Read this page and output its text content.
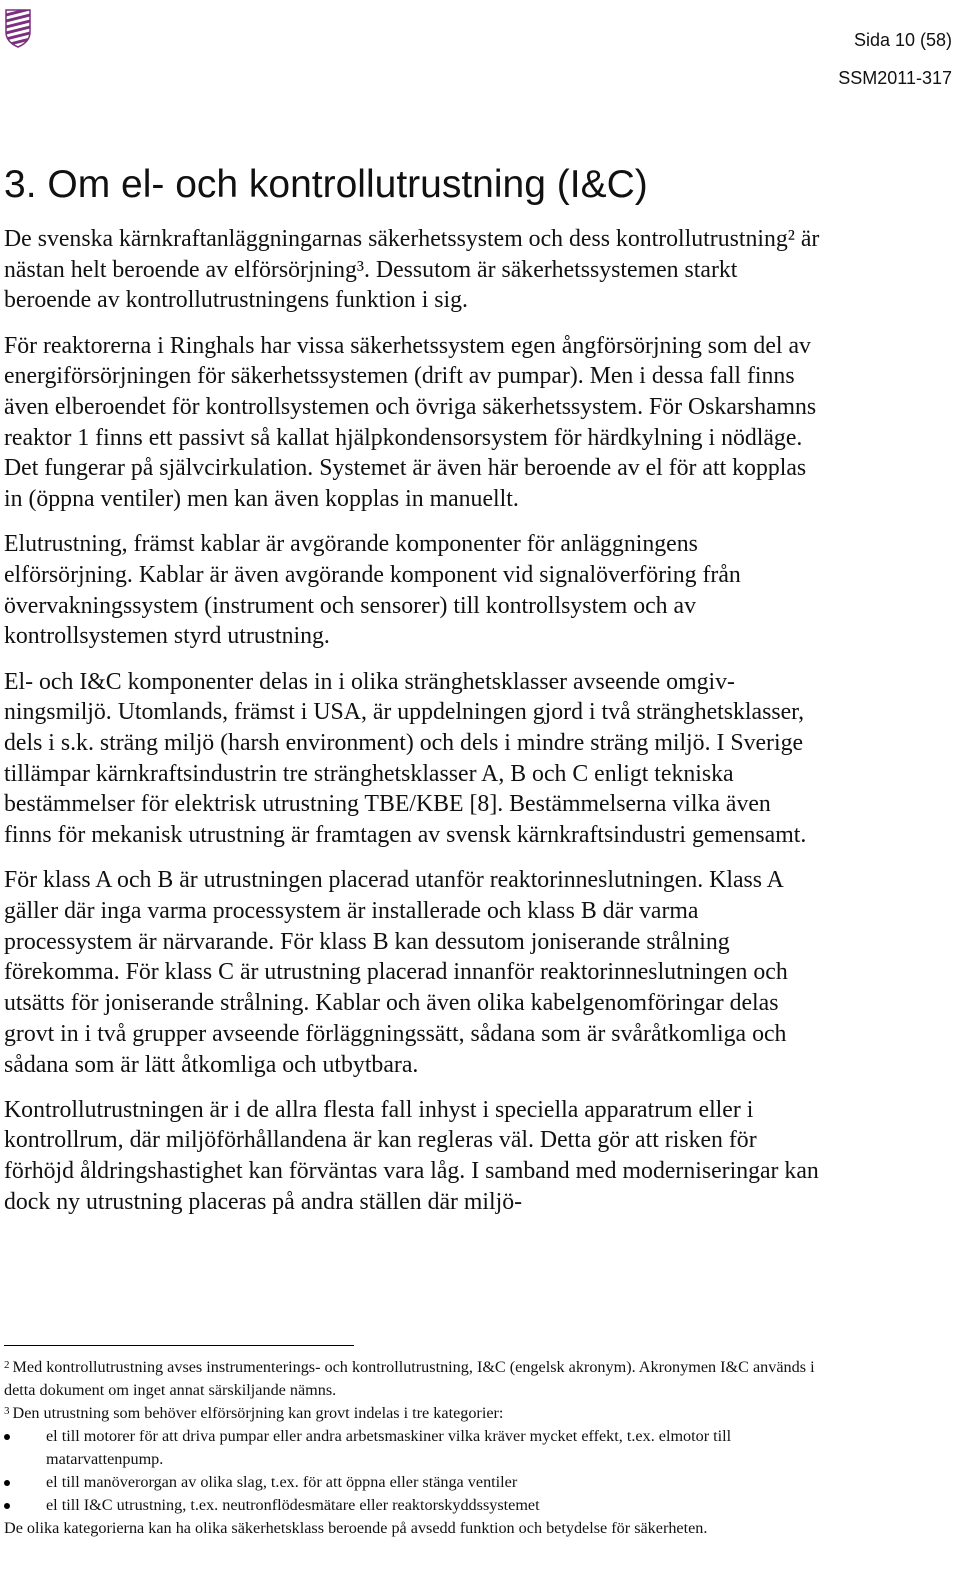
Sida 10 (58)
SSM2011-317
3. Om el- och kontrollutrustning (I&C)

De svenska kärnkraftanläggningarnas säkerhetssystem och dess kontrollutrustning² är nästan helt beroende av elförsörjning³. Dessutom är säkerhetssystemen starkt beroende av kontrollutrustningens funktion i sig.

För reaktorerna i Ringhals har vissa säkerhetssystem egen ångförsörjning som del av energiförsörjningen för säkerhetssystemen (drift av pumpar). Men i dessa fall finns även elberoendet för kontrollsystemen och övriga säkerhetssystem. För Oskarshamns reaktor 1 finns ett passivt så kallat hjälpkondensorsystem för härdkylning i nödläge. Det fungerar på självcirkulation. Systemet är även här beroende av el för att kopplas in (öppna ventiler) men kan även kopplas in manuellt.

Elutrustning, främst kablar är avgörande komponenter för anläggningens elförsörjning. Kablar är även avgörande komponent vid signalöverföring från övervakningssystem (instrument och sensorer) till kontrollsystem och av kontrollsystemen styrd utrustning.

El- och I&C komponenter delas in i olika stränghetsklasser avseende omgivningsmiljö. Utomlands, främst i USA, är uppdelningen gjord i två stränghetsklasser, dels i s.k. sträng miljö (harsh environment) och dels i mindre sträng miljö. I Sverige tillämpar kärnkraftsindustrin tre stränghetsklasser A, B och C enligt tekniska bestämmelser för elektrisk utrustning TBE/KBE [8]. Bestämmelserna vilka även finns för mekanisk utrustning är framtagen av svensk kärnkraftsindustri gemensamt.

För klass A och B är utrustningen placerad utanför reaktorinneslutningen. Klass A gäller där inga varma processystem är installerade och klass B där varma processystem är närvarande. För klass B kan dessutom joniserande strålning förekomma. För klass C är utrustning placerad innanför reaktorinneslutningen och utsätts för joniserande strålning. Kablar och även olika kabelgenomföringar delas grovt in i två grupper avseende förläggningssätt, sådana som är svåråtkomliga och sådana som är lätt åtkomliga och utbytbara.

Kontrollutrustningen är i de allra flesta fall inhyst i speciella apparatrum eller i kontrollrum, där miljöförhållandena är kan regleras väl. Detta gör att risken för förhöjd åldringshastighet kan förväntas vara låg. I samband med moderniseringar kan dock ny utrustning placeras på andra ställen där miljö-

$^2$ Med kontrollutrustning avses instrumenterings- och kontrollutrustning, I&C (engelsk akronym). Akronymen I&C används i detta dokument om inget annat särskiljande nämns.

$^3$ Den utrustning som behöver elförsörjning kan grovt indelas i tre kategorier:

el till motorer för att driva pumpar eller andra arbetsmaskiner vilka kräver mycket effekt, t.ex. elmotor till matarvattenpump.
el till manöverorgan av olika slag, t.ex. för att öppna eller stänga ventiler
el till I&C utrustning, t.ex. neutronflödesmätare eller reaktorskyddssystemet

De olika kategorierna kan ha olika säkerhetsklass beroende på avsedd funktion och betydelse för säkerheten.
